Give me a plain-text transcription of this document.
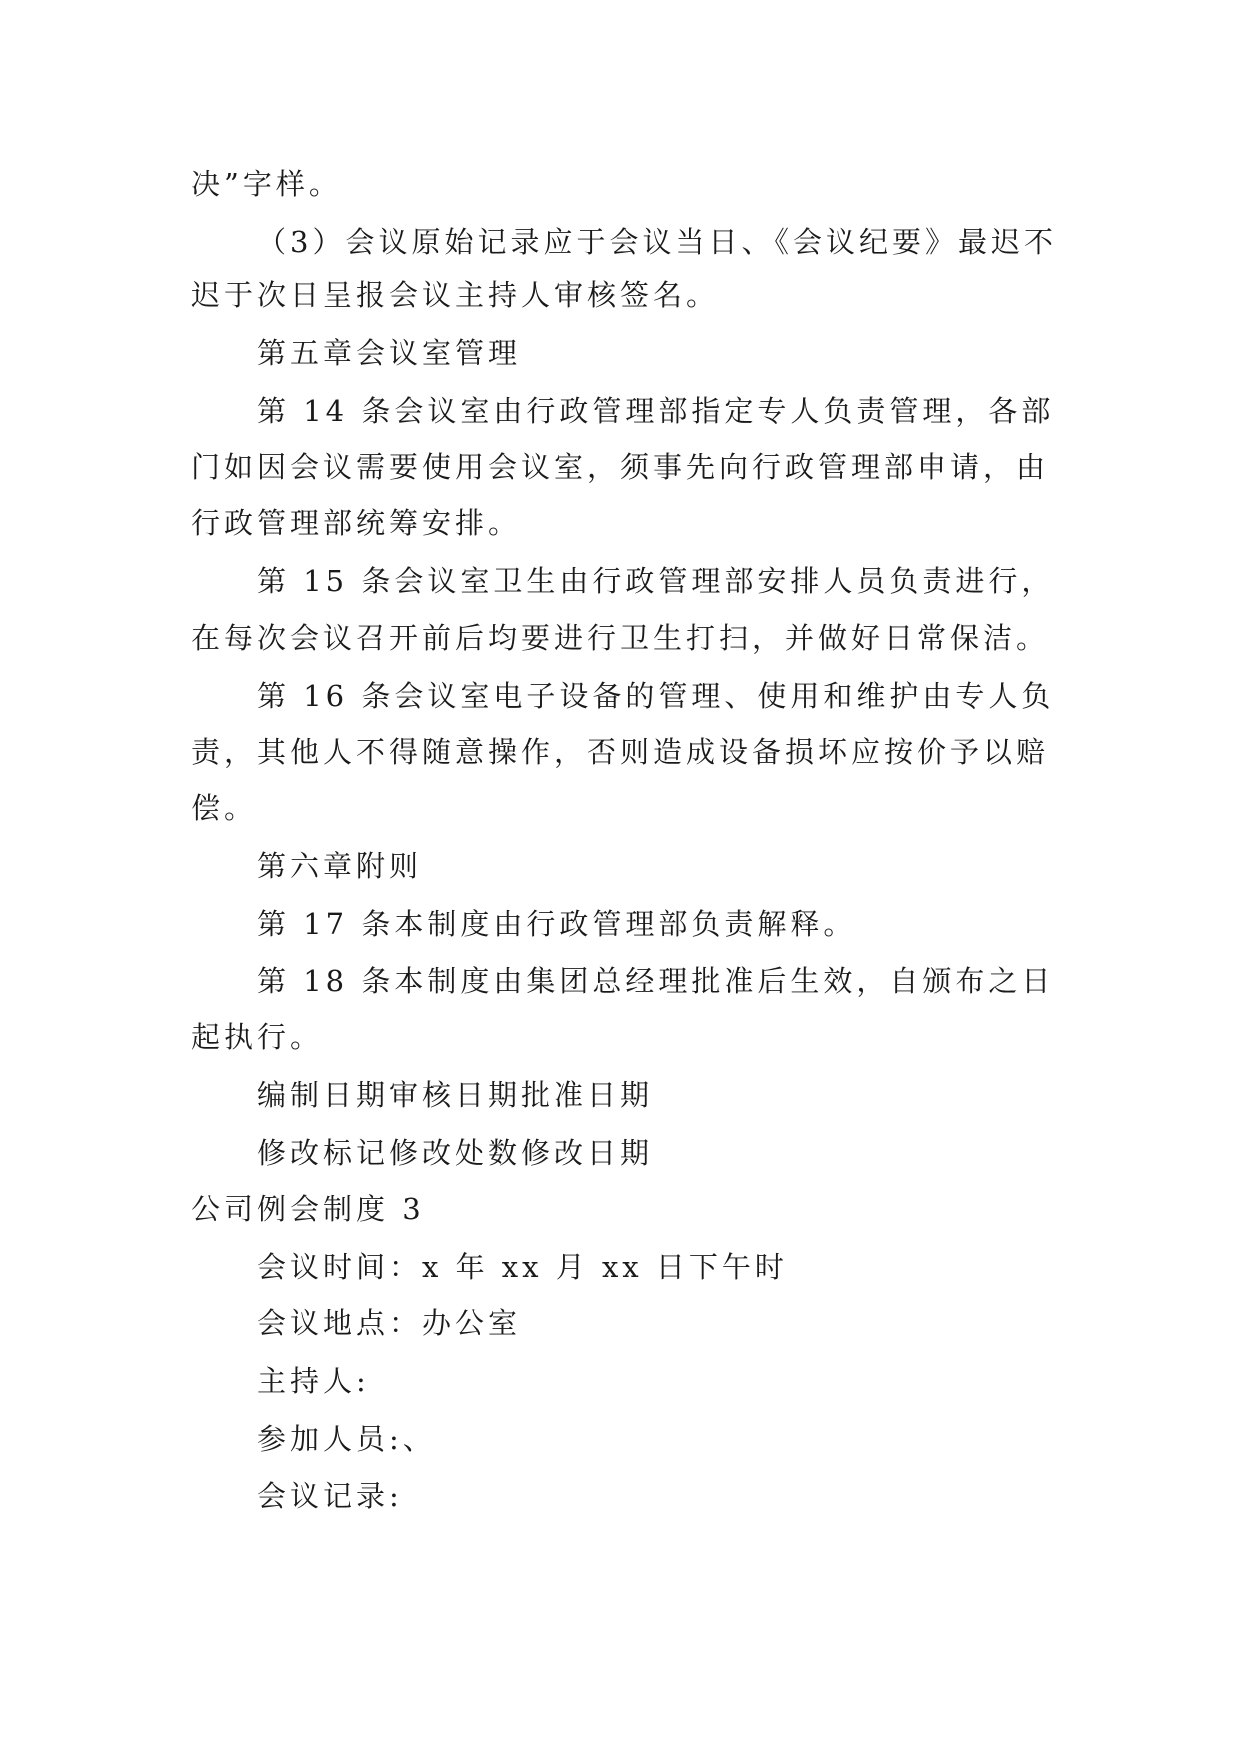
决”字样。
（3）会议原始记录应于会议当日、《会议纪要》最迟不
迟于次日呈报会议主持人审核签名。
第五章会议室管理
第 14 条会议室由行政管理部指定专人负责管理，各部
门如因会议需要使用会议室，须事先向行政管理部申请，由
行政管理部统筹安排。
第 15 条会议室卫生由行政管理部安排人员负责进行，
在每次会议召开前后均要进行卫生打扫，并做好日常保洁。
第 16 条会议室电子设备的管理、使用和维护由专人负
责，其他人不得随意操作，否则造成设备损坏应按价予以赔
偿。
第六章附则
第 17 条本制度由行政管理部负责解释。
第 18 条本制度由集团总经理批准后生效，自颁布之日
起执行。
编制日期审核日期批准日期
修改标记修改处数修改日期
公司例会制度 3
会议时间：x 年 xx 月 xx 日下午时
会议地点：办公室
主持人:
参加人员:、
会议记录:
